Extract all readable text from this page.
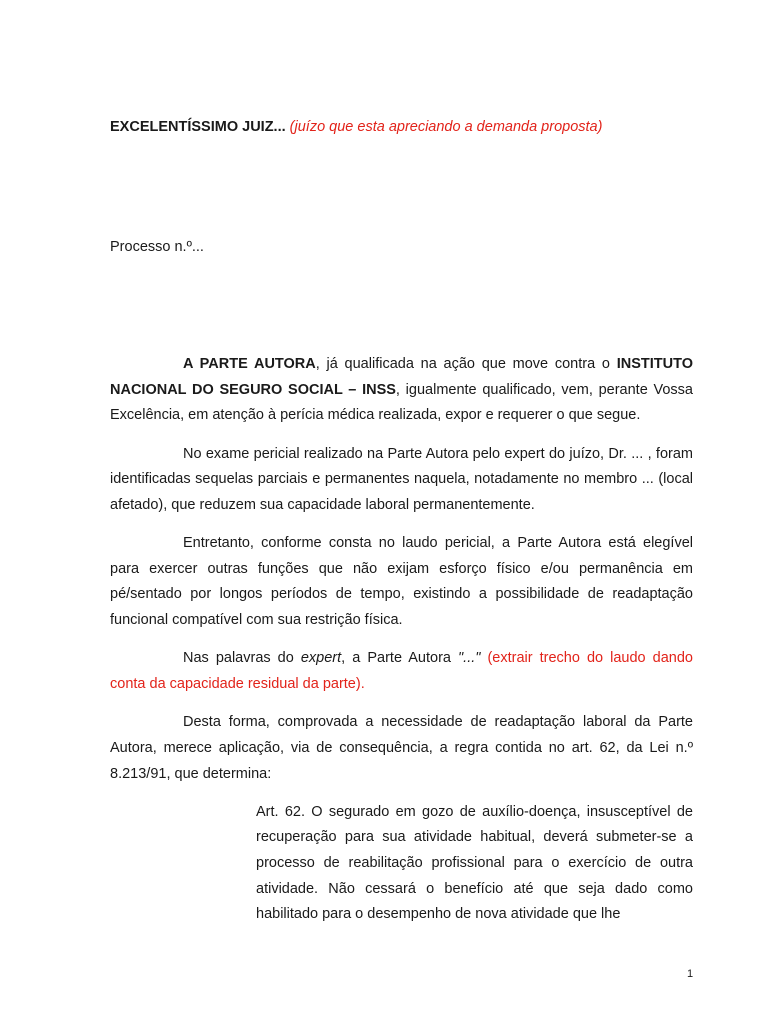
EXCELENTÍSSIMO JUIZ... (juízo que esta apreciando a demanda proposta)
Processo n.º...

A PARTE AUTORA, já qualificada na ação que move contra o INSTITUTO NACIONAL DO SEGURO SOCIAL – INSS, igualmente qualificado, vem, perante Vossa Excelência, em atenção à perícia médica realizada, expor e requerer o que segue.

No exame pericial realizado na Parte Autora pelo expert do juízo, Dr. ... , foram identificadas sequelas parciais e permanentes naquela, notadamente no membro ... (local afetado), que reduzem sua capacidade laboral permanentemente.

Entretanto, conforme consta no laudo pericial, a Parte Autora está elegível para exercer outras funções que não exijam esforço físico e/ou permanência em pé/sentado por longos períodos de tempo, existindo a possibilidade de readaptação funcional compatível com sua restrição física.

Nas palavras do expert, a Parte Autora "..." (extrair trecho do laudo dando conta da capacidade residual da parte).

Desta forma, comprovada a necessidade de readaptação laboral da Parte Autora, merece aplicação, via de consequência, a regra contida no art. 62, da Lei n.º 8.213/91, que determina:

Art. 62. O segurado em gozo de auxílio-doença, insusceptível de recuperação para sua atividade habitual, deverá submeter-se a processo de reabilitação profissional para o exercício de outra atividade. Não cessará o benefício até que seja dado como habilitado para o desempenho de nova atividade que lhe
1
